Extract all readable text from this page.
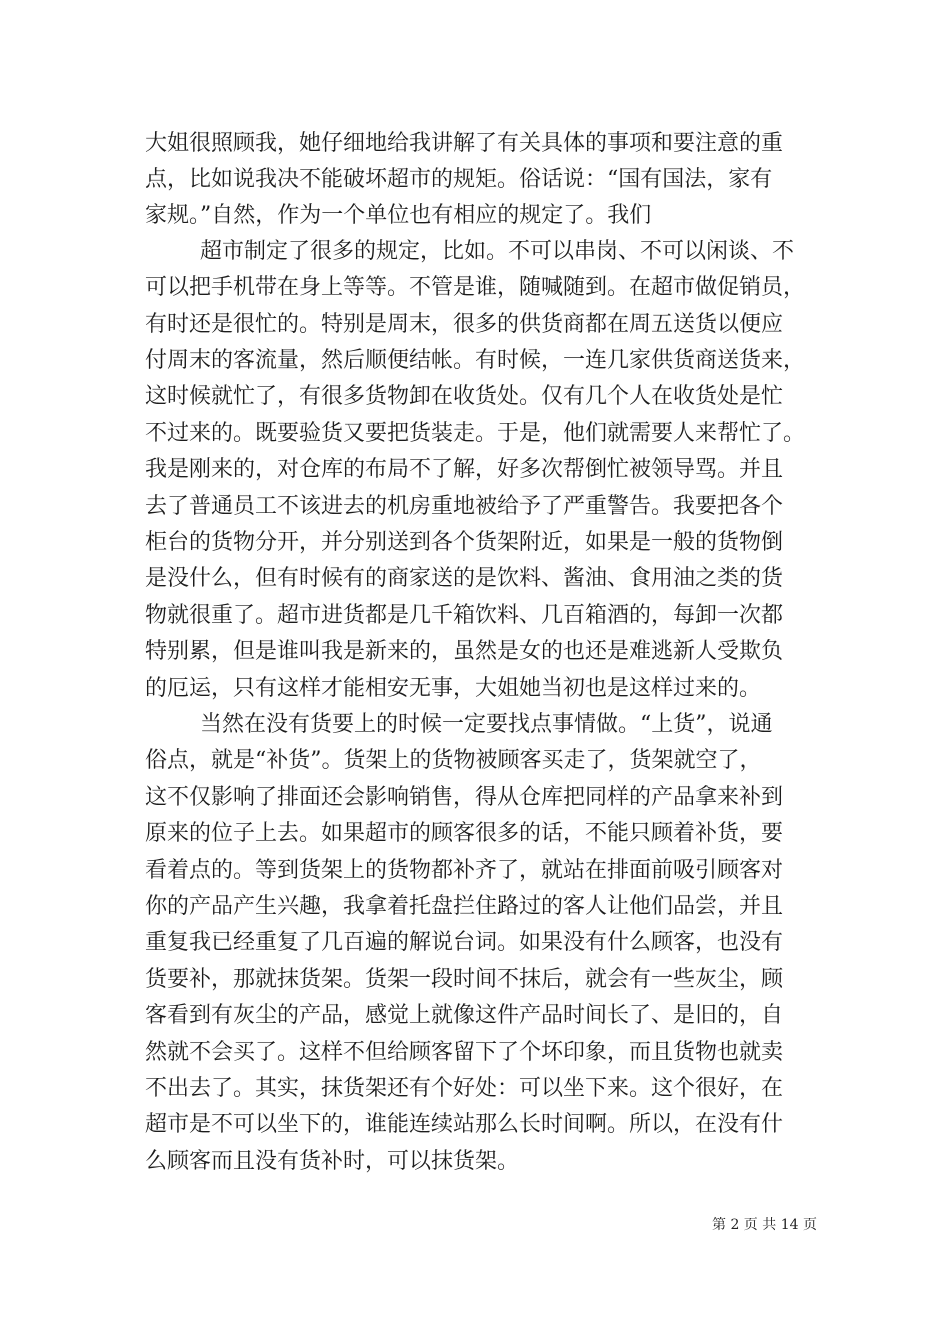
大姐很照顾我，她仔细地给我讲解了有关具体的事项和要注意的重
点，比如说我决不能破坏超市的规矩。俗话说：“国有国法，家有
家规。”自然，作为一个单位也有相应的规定了。我们
超市制定了很多的规定，比如。不可以串岗、不可以闲谈、不
可以把手机带在身上等等。不管是谁，随喊随到。在超市做促销员，
有时还是很忙的。特别是周末，很多的供货商都在周五送货以便应
付周末的客流量，然后顺便结帐。有时候，一连几家供货商送货来，
这时候就忙了，有很多货物卸在收货处。仅有几个人在收货处是忙
不过来的。既要验货又要把货装走。于是，他们就需要人来帮忙了。
我是刚来的，对仓库的布局不了解，好多次帮倒忙被领导骂。并且
去了普通员工不该进去的机房重地被给予了严重警告。我要把各个
柜台的货物分开，并分别送到各个货架附近，如果是一般的货物倒
是没什么，但有时候有的商家送的是饮料、酱油、食用油之类的货
物就很重了。超市进货都是几千箱饮料、几百箱酒的，每卸一次都
特别累，但是谁叫我是新来的，虽然是女的也还是难逃新人受欺负
的厄运，只有这样才能相安无事，大姐她当初也是这样过来的。
当然在没有货要上的时候一定要找点事情做。“上货”，说通
俗点，就是“补货”。货架上的货物被顾客买走了，货架就空了，
这不仅影响了排面还会影响销售，得从仓库把同样的产品拿来补到
原来的位子上去。如果超市的顾客很多的话，不能只顾着补货，要
看着点的。等到货架上的货物都补齐了，就站在排面前吸引顾客对
你的产品产生兴趣，我拿着托盘拦住路过的客人让他们品尝，并且
重复我已经重复了几百遍的解说台词。如果没有什么顾客，也没有
货要补，那就抹货架。货架一段时间不抹后，就会有一些灰尘，顾
客看到有灰尘的产品，感觉上就像这件产品时间长了、是旧的，自
然就不会买了。这样不但给顾客留下了个坏印象，而且货物也就卖
不出去了。其实，抹货架还有个好处：可以坐下来。这个很好，在
超市是不可以坐下的，谁能连续站那么长时间啊。所以，在没有什
么顾客而且没有货补时，可以抹货架。
第 2 页 共 14 页
